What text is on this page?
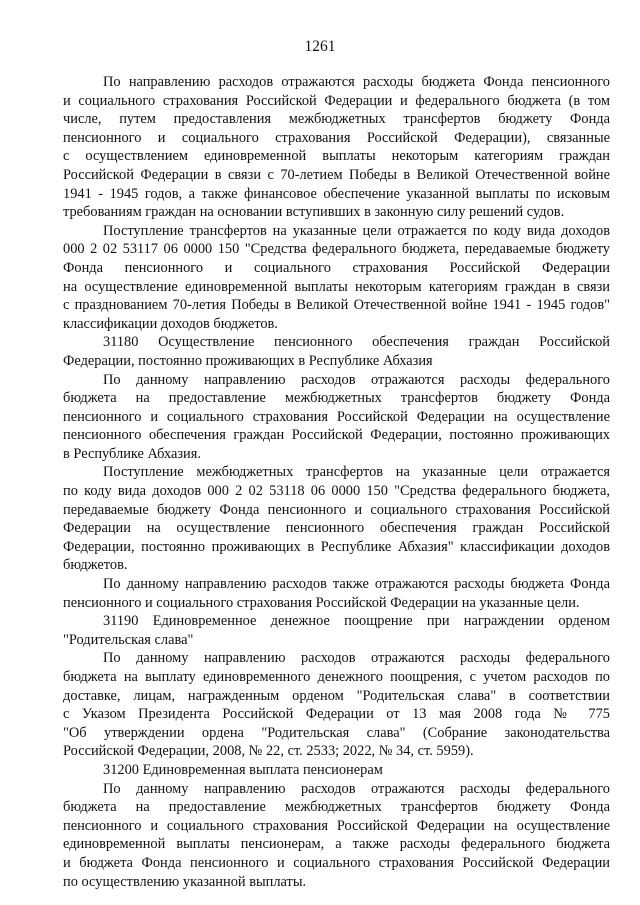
1261
По направлению расходов отражаются расходы бюджета Фонда пенсионного
и социального страхования Российской Федерации и федерального бюджета (в том
числе, путем предоставления межбюджетных трансфертов бюджету Фонда
пенсионного и социального страхования Российской Федерации), связанные
с осуществлением единовременной выплаты некоторым категориям граждан
Российской Федерации в связи с 70-летием Победы в Великой Отечественной войне
1941 - 1945 годов, а также финансовое обеспечение указанной выплаты по исковым
требованиям граждан на основании вступивших в законную силу решений судов.
Поступление трансфертов на указанные цели отражается по коду вида доходов
000 2 02 53117 06 0000 150 "Средства федерального бюджета, передаваемые бюджету
Фонда пенсионного и социального страхования Российской Федерации
на осуществление единовременной выплаты некоторым категориям граждан в связи
с празднованием 70-летия Победы в Великой Отечественной войне 1941 - 1945 годов"
классификации доходов бюджетов.
31180 Осуществление пенсионного обеспечения граждан Российской
Федерации, постоянно проживающих в Республике Абхазия
По данному направлению расходов отражаются расходы федерального
бюджета на предоставление межбюджетных трансфертов бюджету Фонда
пенсионного и социального страхования Российской Федерации на осуществление
пенсионного обеспечения граждан Российской Федерации, постоянно проживающих
в Республике Абхазия.
Поступление межбюджетных трансфертов на указанные цели отражается
по коду вида доходов 000 2 02 53118 06 0000 150 "Средства федерального бюджета,
передаваемые бюджету Фонда пенсионного и социального страхования Российской
Федерации на осуществление пенсионного обеспечения граждан Российской
Федерации, постоянно проживающих в Республике Абхазия" классификации доходов
бюджетов.
По данному направлению расходов также отражаются расходы бюджета Фонда
пенсионного и социального страхования Российской Федерации на указанные цели.
31190 Единовременное денежное поощрение при награждении орденом
"Родительская слава"
По данному направлению расходов отражаются расходы федерального
бюджета на выплату единовременного денежного поощрения, с учетом расходов по
доставке, лицам, награжденным орденом "Родительская слава" в соответствии
с Указом Президента Российской Федерации от 13 мая 2008 года № 775
"Об утверждении ордена "Родительская слава" (Собрание законодательства
Российской Федерации, 2008, № 22, ст. 2533; 2022, № 34, ст. 5959).
31200 Единовременная выплата пенсионерам
По данному направлению расходов отражаются расходы федерального
бюджета на предоставление межбюджетных трансфертов бюджету Фонда
пенсионного и социального страхования Российской Федерации на осуществление
единовременной выплаты пенсионерам, а также расходы федерального бюджета
и бюджета Фонда пенсионного и социального страхования Российской Федерации
по осуществлению указанной выплаты.
